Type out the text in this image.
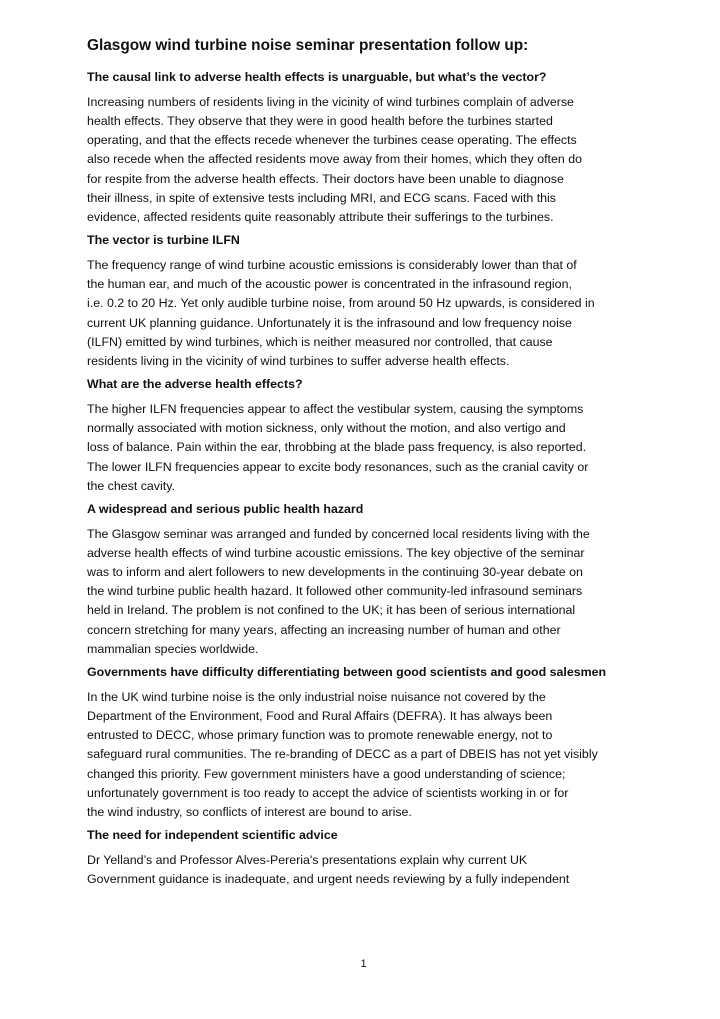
Glasgow wind turbine noise seminar presentation follow up:
The causal link to adverse health effects is unarguable, but what’s the vector?
Increasing numbers of residents living in the vicinity of wind turbines complain of adverse
health effects. They observe that they were in good health before the turbines started
operating, and that the effects recede whenever the turbines cease operating. The effects
also recede when the affected residents move away from their homes, which they often do
for respite from the adverse health effects. Their doctors have been unable to diagnose
their illness, in spite of extensive tests including MRI, and ECG scans. Faced with this
evidence, affected residents quite reasonably attribute their sufferings to the turbines.
The vector is turbine ILFN
The frequency range of wind turbine acoustic emissions is considerably lower than that of
the human ear, and much of the acoustic power is concentrated in the infrasound region,
i.e. 0.2 to 20 Hz. Yet only audible turbine noise, from around 50 Hz upwards, is considered in
current UK planning guidance. Unfortunately it is the infrasound and low frequency noise
(ILFN) emitted by wind turbines, which is neither measured nor controlled, that cause
residents living in the vicinity of wind turbines to suffer adverse health effects.
What are the adverse health effects?
The higher ILFN frequencies appear to affect the vestibular system, causing the symptoms
normally associated with motion sickness, only without the motion, and also vertigo and
loss of balance. Pain within the ear, throbbing at the blade pass frequency, is also reported.
The lower ILFN frequencies appear to excite body resonances, such as the cranial cavity or
the chest cavity.
A widespread and serious public health hazard
The Glasgow seminar was arranged and funded by concerned local residents living with the
adverse health effects of wind turbine acoustic emissions. The key objective of the seminar
was to inform and alert followers to new developments in the continuing 30-year debate on
the wind turbine public health hazard. It followed other community-led infrasound seminars
held in Ireland. The problem is not confined to the UK; it has been of serious international
concern stretching for many years, affecting an increasing number of human and other
mammalian species worldwide.
Governments have difficulty differentiating between good scientists and good salesmen
In the UK wind turbine noise is the only industrial noise nuisance not covered by the
Department of the Environment, Food and Rural Affairs (DEFRA). It has always been
entrusted to DECC, whose primary function was to promote renewable energy, not to
safeguard rural communities. The re-branding of DECC as a part of DBEIS has not yet visibly
changed this priority. Few government ministers have a good understanding of science;
unfortunately government is too ready to accept the advice of scientists working in or for
the wind industry, so conflicts of interest are bound to arise.
The need for independent scientific advice
Dr Yelland’s and Professor Alves-Pereria's presentations explain why current UK
Government guidance is inadequate, and urgent needs reviewing by a fully independent
1
